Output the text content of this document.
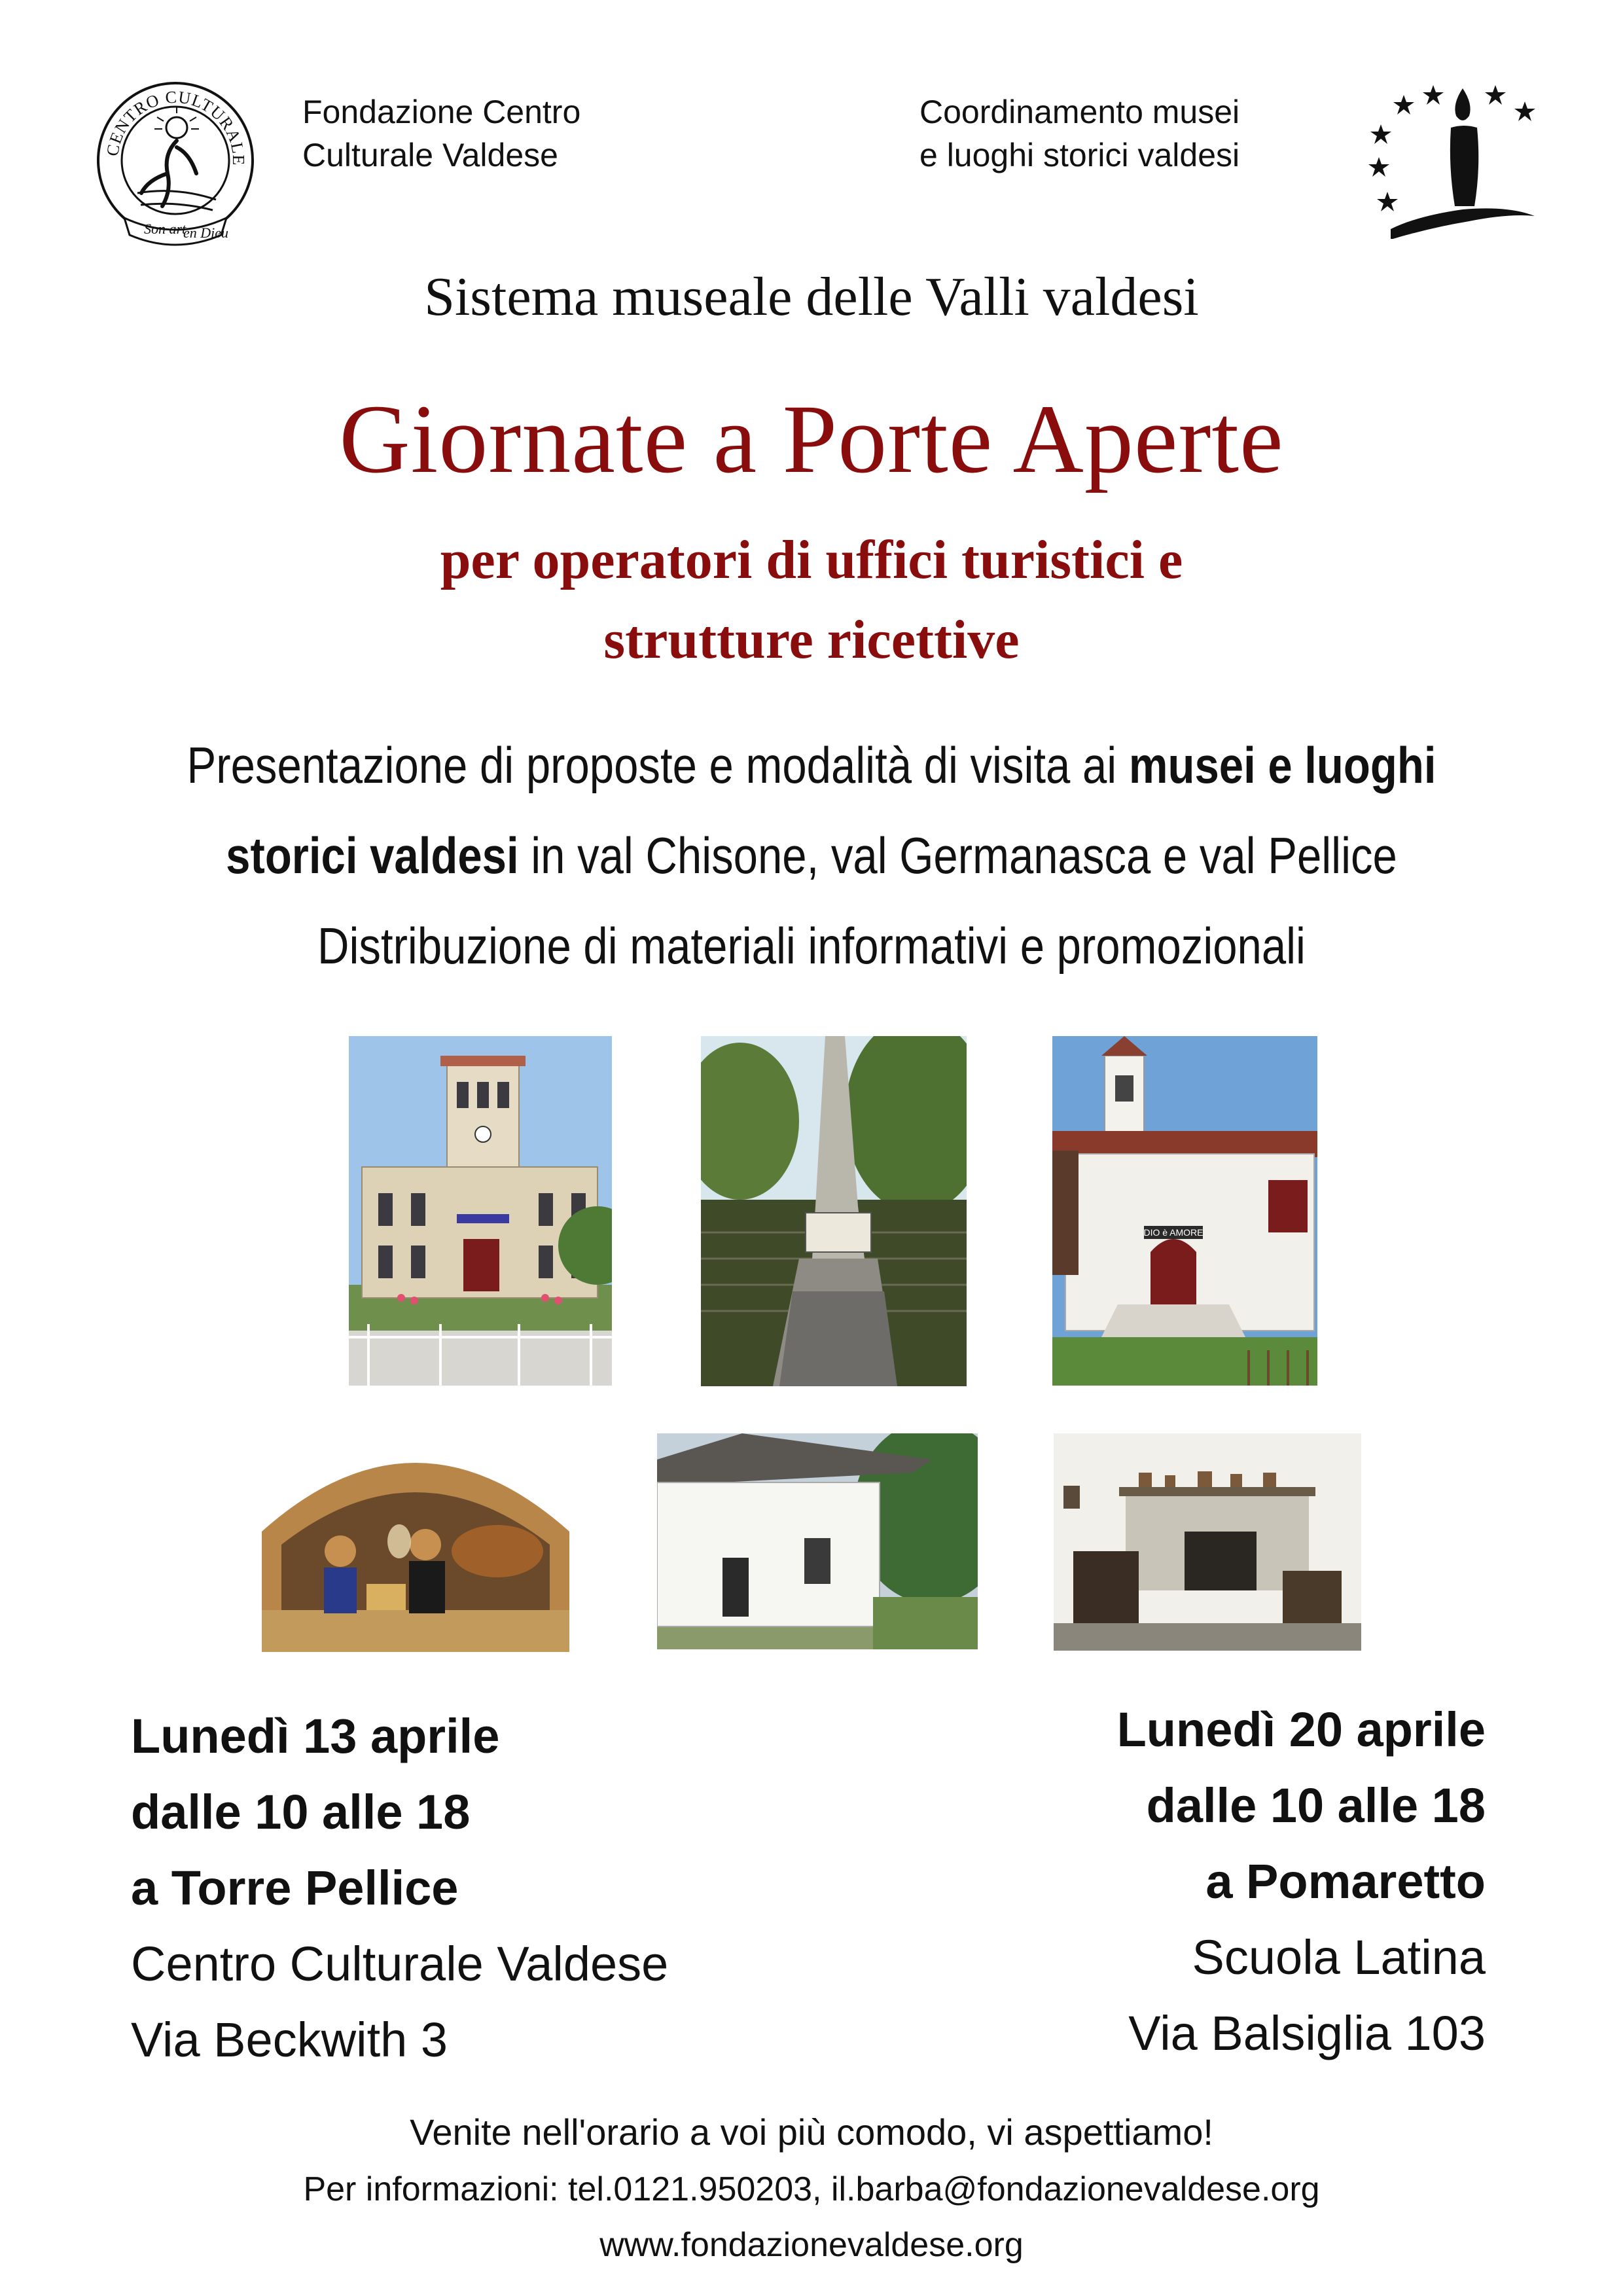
CENTRO CULTURALE
Son art
en Dieu
Fondazione Centro
Culturale Valdese
Coordinamento musei
e luoghi storici valdesi
Sistema museale delle Valli valdesi
Giornate a Porte Aperte
per operatori di uffici turistici e
strutture ricettive
Presentazione di proposte e modalità di visita ai musei e luoghi
storici valdesi in val Chisone, val Germanasca e val Pellice
Distribuzione di materiali informativi e promozionali
DIO è AMORE
Lunedì 13 aprile
dalle 10 alle 18
a Torre Pellice
Centro Culturale Valdese
Via Beckwith 3
Lunedì 20 aprile
dalle 10 alle 18
a Pomaretto
Scuola Latina
Via Balsiglia 103
Venite nell'orario a voi più comodo, vi aspettiamo!
Per informazioni: tel.0121.950203, il.barba@fondazionevaldese.org
www.fondazionevaldese.org
